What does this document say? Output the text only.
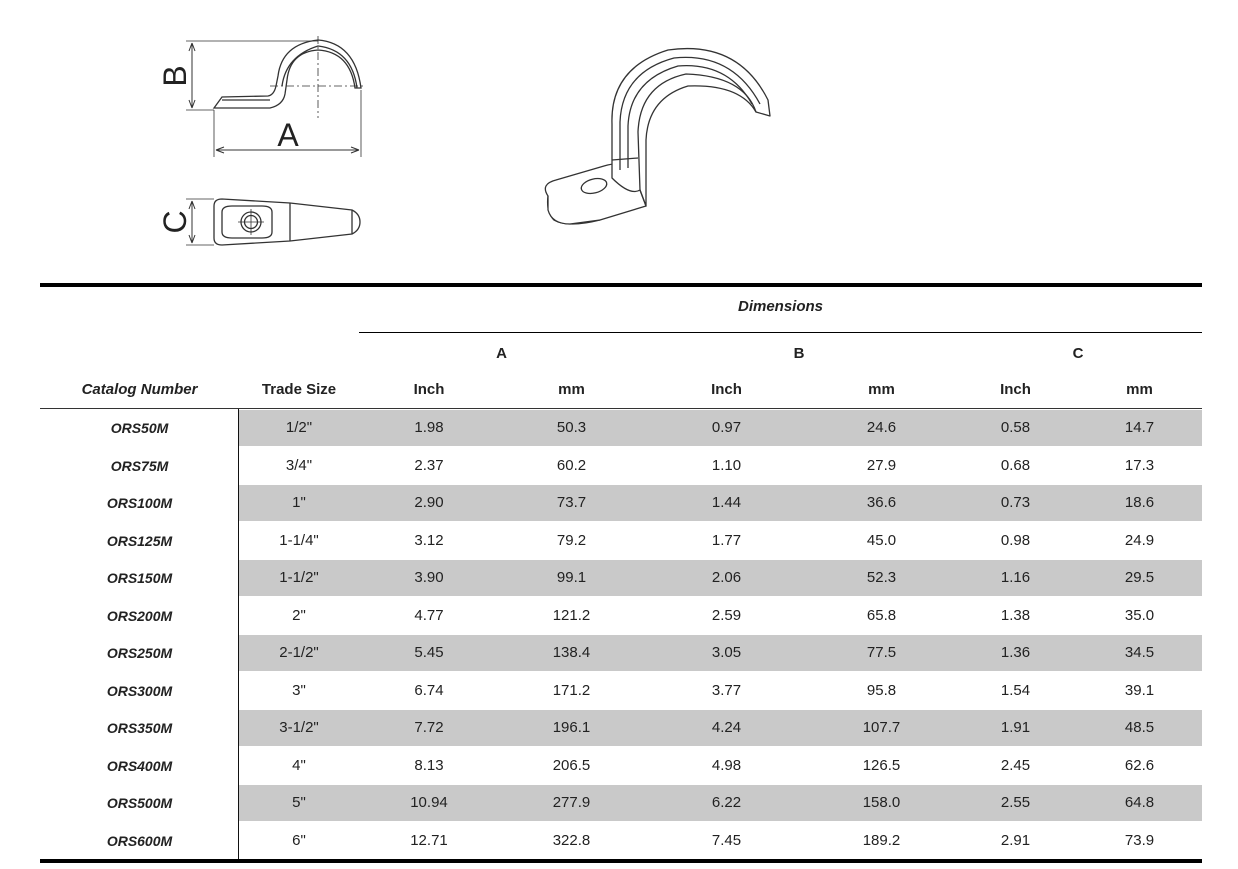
B
A
C
Dimensions
A	B	C
Catalog Number	Trade Size	Inch	mm	Inch	mm	Inch	mm
ORS50M	1/2"	1.98	50.3	0.97	24.6	0.58	14.7
ORS75M	3/4"	2.37	60.2	1.10	27.9	0.68	17.3
ORS100M	1"	2.90	73.7	1.44	36.6	0.73	18.6
ORS125M	1-1/4"	3.12	79.2	1.77	45.0	0.98	24.9
ORS150M	1-1/2"	3.90	99.1	2.06	52.3	1.16	29.5
ORS200M	2"	4.77	121.2	2.59	65.8	1.38	35.0
ORS250M	2-1/2"	5.45	138.4	3.05	77.5	1.36	34.5
ORS300M	3"	6.74	171.2	3.77	95.8	1.54	39.1
ORS350M	3-1/2"	7.72	196.1	4.24	107.7	1.91	48.5
ORS400M	4"	8.13	206.5	4.98	126.5	2.45	62.6
ORS500M	5"	10.94	277.9	6.22	158.0	2.55	64.8
ORS600M	6"	12.71	322.8	7.45	189.2	2.91	73.9
